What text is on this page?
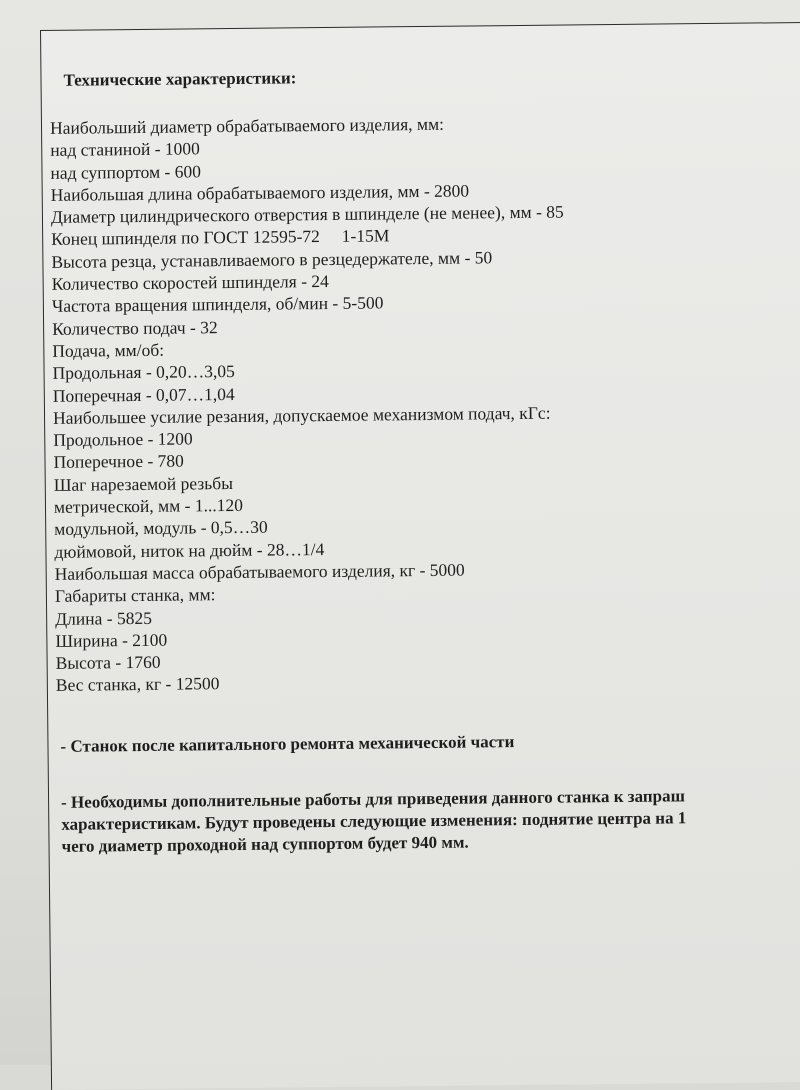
Технические характеристики:
Наибольший диаметр обрабатываемого изделия, мм:
над станиной - 1000
над суппортом - 600
Наибольшая длина обрабатываемого изделия, мм - 2800
Диаметр цилиндрического отверстия в шпинделе (не менее), мм - 85
Конец шпинделя по ГОСТ 12595-72     1-15М
Высота резца, устанавливаемого в резцедержателе, мм - 50
Количество скоростей шпинделя - 24
Частота вращения шпинделя, об/мин - 5-500
Количество подач - 32
Подача, мм/об:
Продольная - 0,20…3,05
Поперечная - 0,07…1,04
Наибольшее усилие резания, допускаемое механизмом подач, кГс:
Продольное - 1200
Поперечное - 780
Шаг нарезаемой резьбы
метрической, мм - 1...120
модульной, модуль - 0,5…30
дюймовой, ниток на дюйм - 28…1/4
Наибольшая масса обрабатываемого изделия, кг - 5000
Габариты станка, мм:
Длина - 5825
Ширина - 2100
Высота - 1760
Вес станка, кг - 12500
- Станок после капитального ремонта механической части
- Необходимы дополнительные работы для приведения данного станка к запраш
характеристикам. Будут проведены следующие изменения: поднятие центра на 1
чего диаметр проходной над суппортом будет 940 мм.
